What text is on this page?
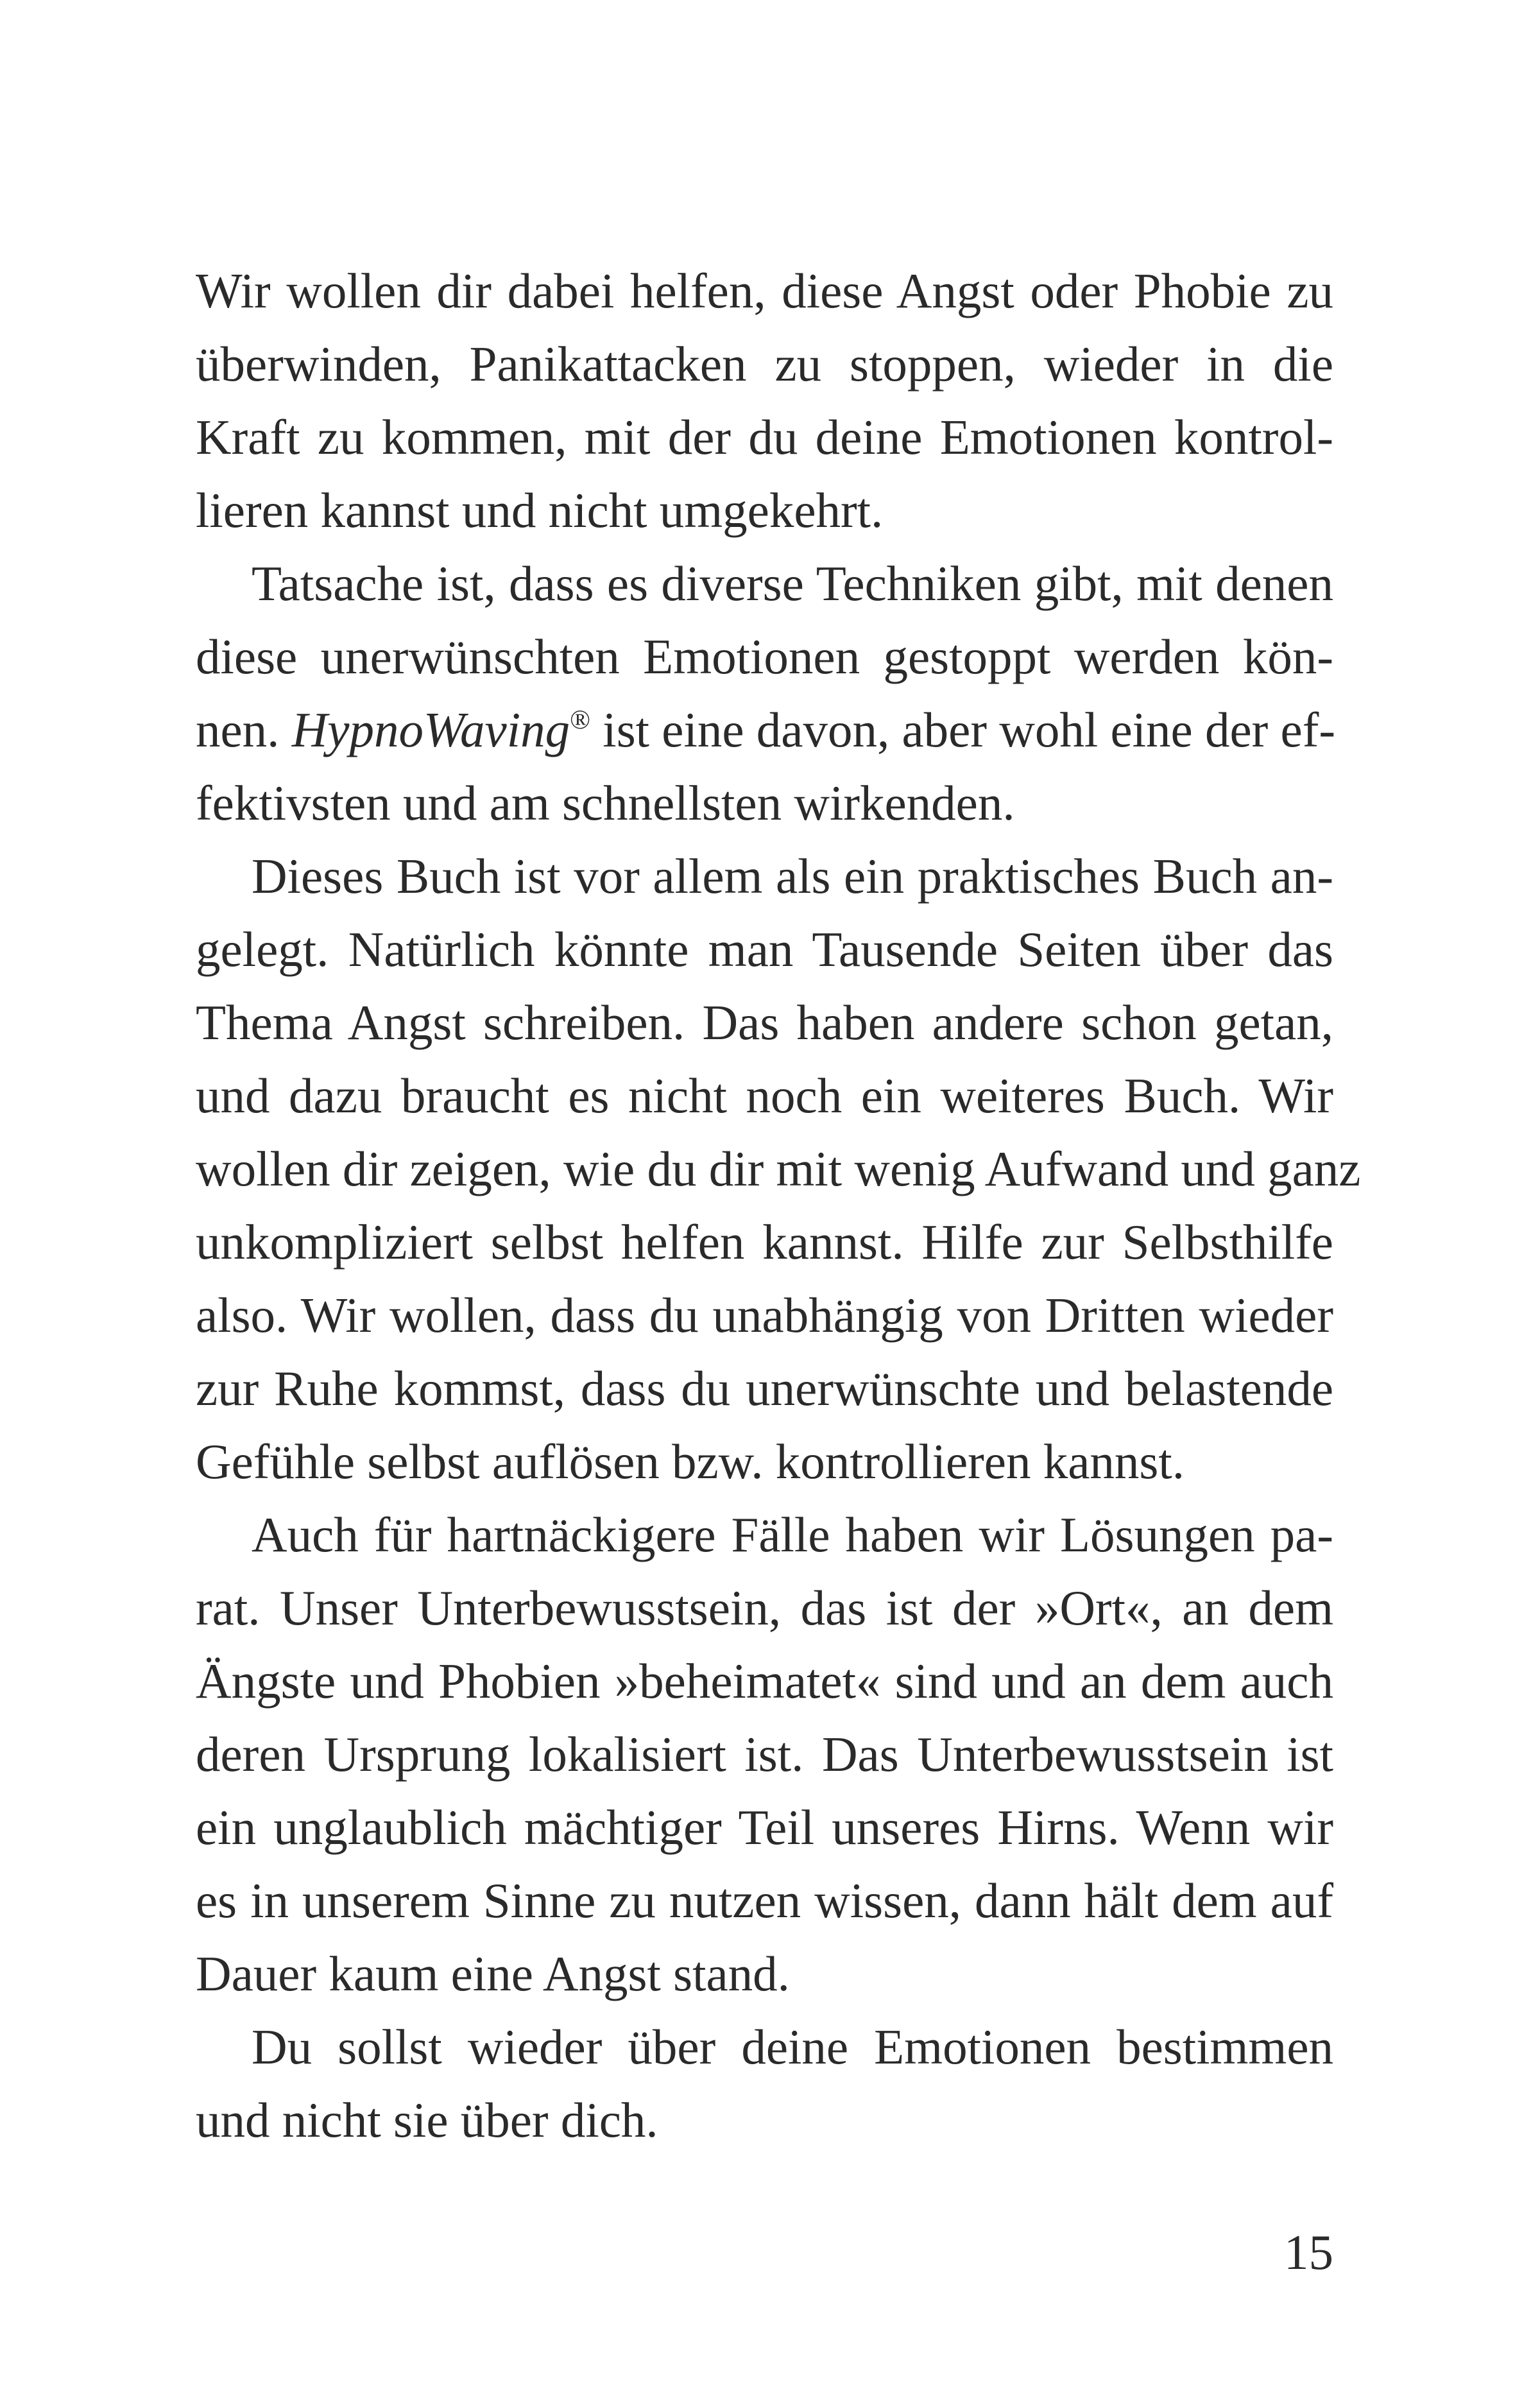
Wir wollen dir dabei helfen, diese Angst oder Phobie zu
überwinden, Panikattacken zu stoppen, wieder in die
Kraft zu kommen, mit der du deine Emotionen kontrol-
lieren kannst und nicht umgekehrt.

Tatsache ist, dass es diverse Techniken gibt, mit denen
diese unerwünschten Emotionen gestoppt werden kön-
nen. HypnoWaving® ist eine davon, aber wohl eine der ef-
fektivsten und am schnellsten wirkenden.

Dieses Buch ist vor allem als ein praktisches Buch an-
gelegt. Natürlich könnte man Tausende Seiten über das
Thema Angst schreiben. Das haben andere schon getan,
und dazu braucht es nicht noch ein weiteres Buch. Wir
wollen dir zeigen, wie du dir mit wenig Aufwand und ganz
unkompliziert selbst helfen kannst. Hilfe zur Selbsthilfe
also. Wir wollen, dass du unabhängig von Dritten wieder
zur Ruhe kommst, dass du unerwünschte und belastende
Gefühle selbst auflösen bzw. kontrollieren kannst.

Auch für hartnäckigere Fälle haben wir Lösungen pa-
rat. Unser Unterbewusstsein, das ist der »Ort«, an dem
Ängste und Phobien »beheimatet« sind und an dem auch
deren Ursprung lokalisiert ist. Das Unterbewusstsein ist
ein unglaublich mächtiger Teil unseres Hirns. Wenn wir
es in unserem Sinne zu nutzen wissen, dann hält dem auf
Dauer kaum eine Angst stand.

Du sollst wieder über deine Emotionen bestimmen
und nicht sie über dich.

15
